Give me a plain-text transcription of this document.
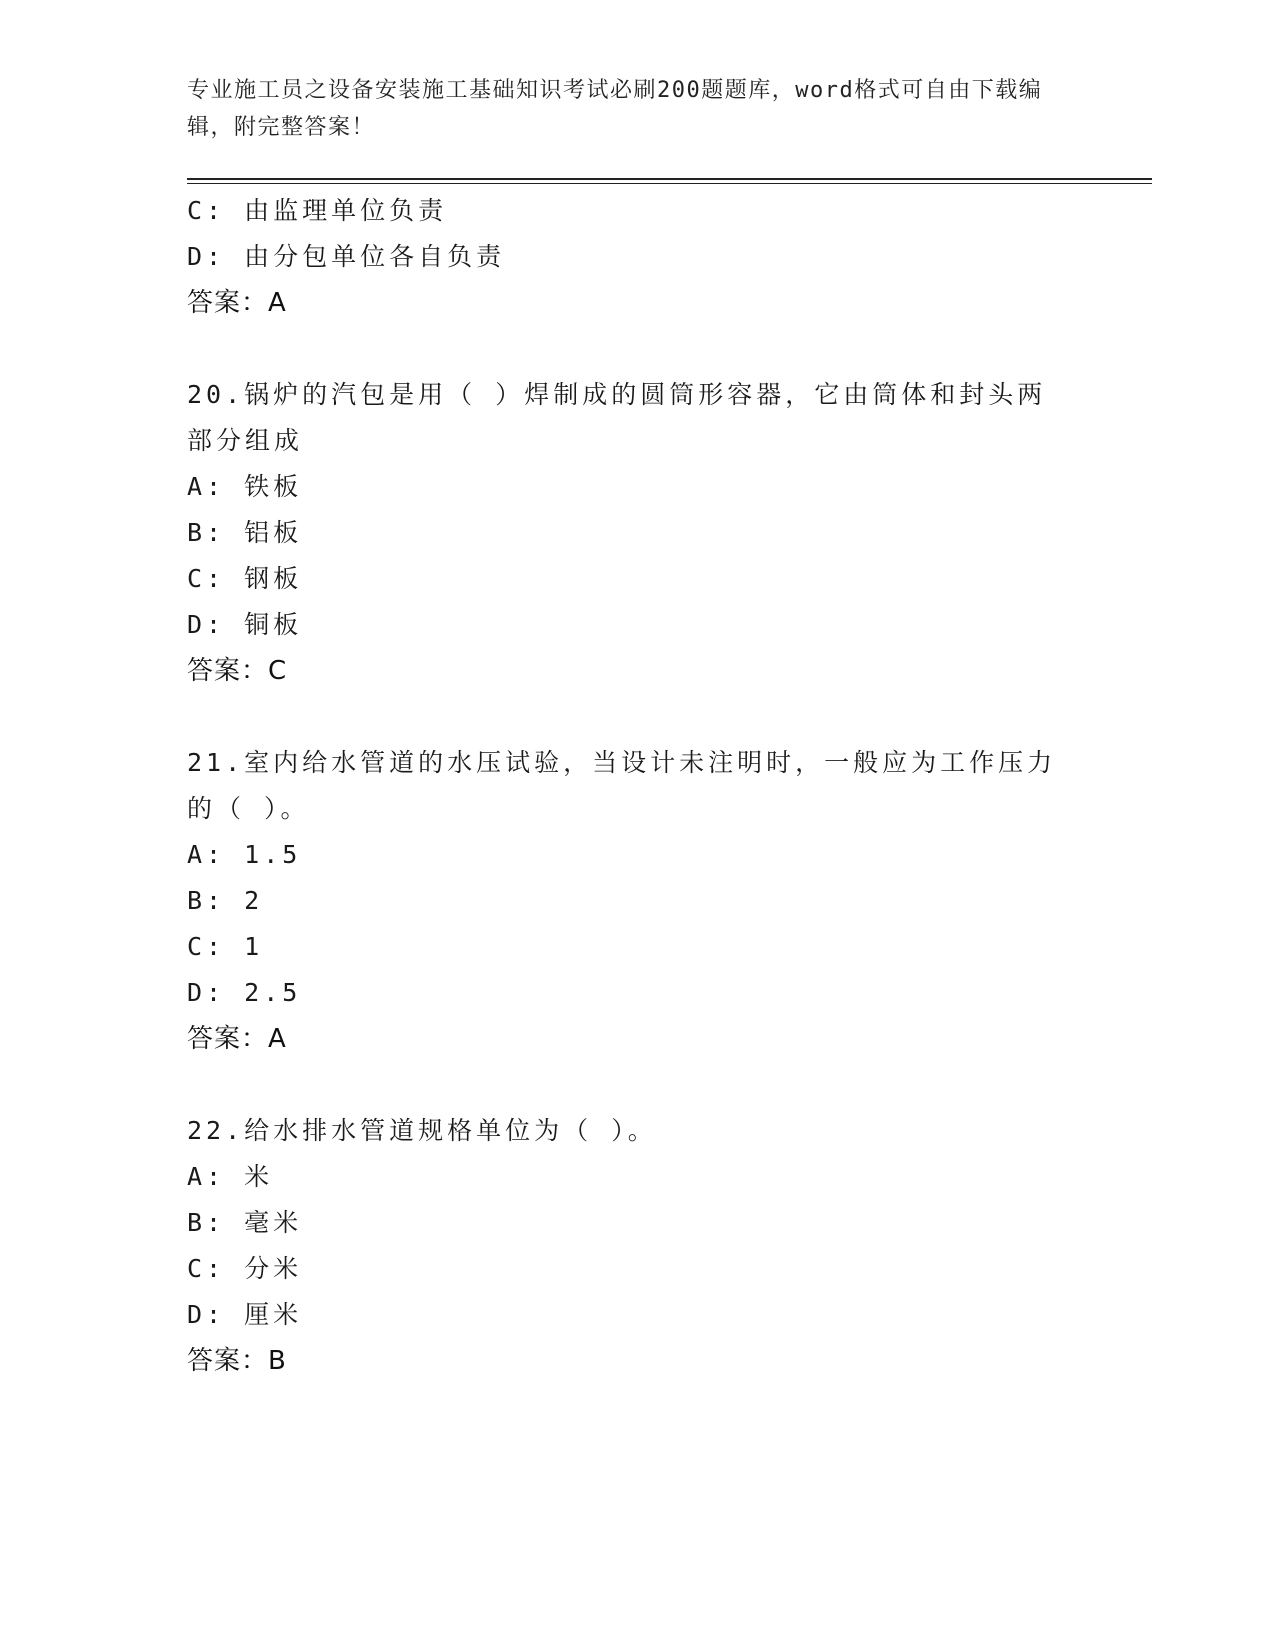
专业施工员之设备安装施工基础知识考试必刷200题题库，word格式可自由下载编辑，附完整答案！
C: 由监理单位负责
D: 由分包单位各自负责
答案：A
20.锅炉的汽包是用（ ）焊制成的圆筒形容器，它由筒体和封头两部分组成
A: 铁板
B: 铝板
C: 钢板
D: 铜板
答案：C
21.室内给水管道的水压试验，当设计未注明时，一般应为工作压力的（ ）。
A: 1.5
B: 2
C: 1
D: 2.5
答案：A
22.给水排水管道规格单位为（ ）。
A: 米
B: 毫米
C: 分米
D: 厘米
答案：B
